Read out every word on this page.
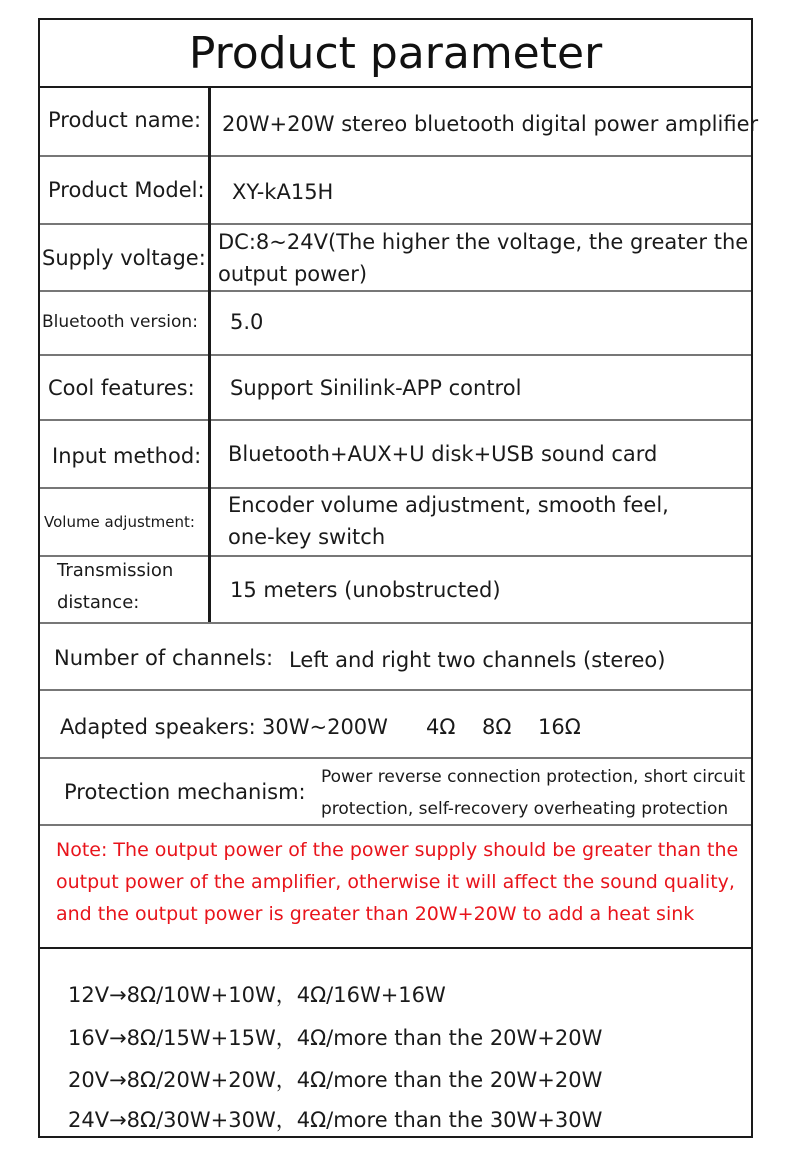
Product parameter
Product name: 20W+20W stereo bluetooth digital power amplifier
Product Model: XY-kA15H
Supply voltage:
DC:8~24V(The higher the voltage, the greater the
output power)
Bluetooth version: 5.0
Cool features: Support Sinilink-APP control
Input method: Bluetooth+AUX+U disk+USB sound card
Volume adjustment:
Encoder volume adjustment, smooth feel,
one-key switch
Transmission
distance:
15 meters (unobstructed)
Number of channels: Left and right two channels (stereo)
Adapted speakers: 30W~200W 4Ω 8Ω 16Ω
Protection mechanism:
Power reverse connection protection, short circuit
protection, self-recovery overheating protection
Note: The output power of the power supply should be greater than the
output power of the amplifier, otherwise it will affect the sound quality,
and the output power is greater than 20W+20W to add a heat sink
12V→8Ω/10W+10W，4Ω/16W+16W
16V→8Ω/15W+15W，4Ω/more than the 20W+20W
20V→8Ω/20W+20W，4Ω/more than the 20W+20W
24V→8Ω/30W+30W，4Ω/more than the 30W+30W
